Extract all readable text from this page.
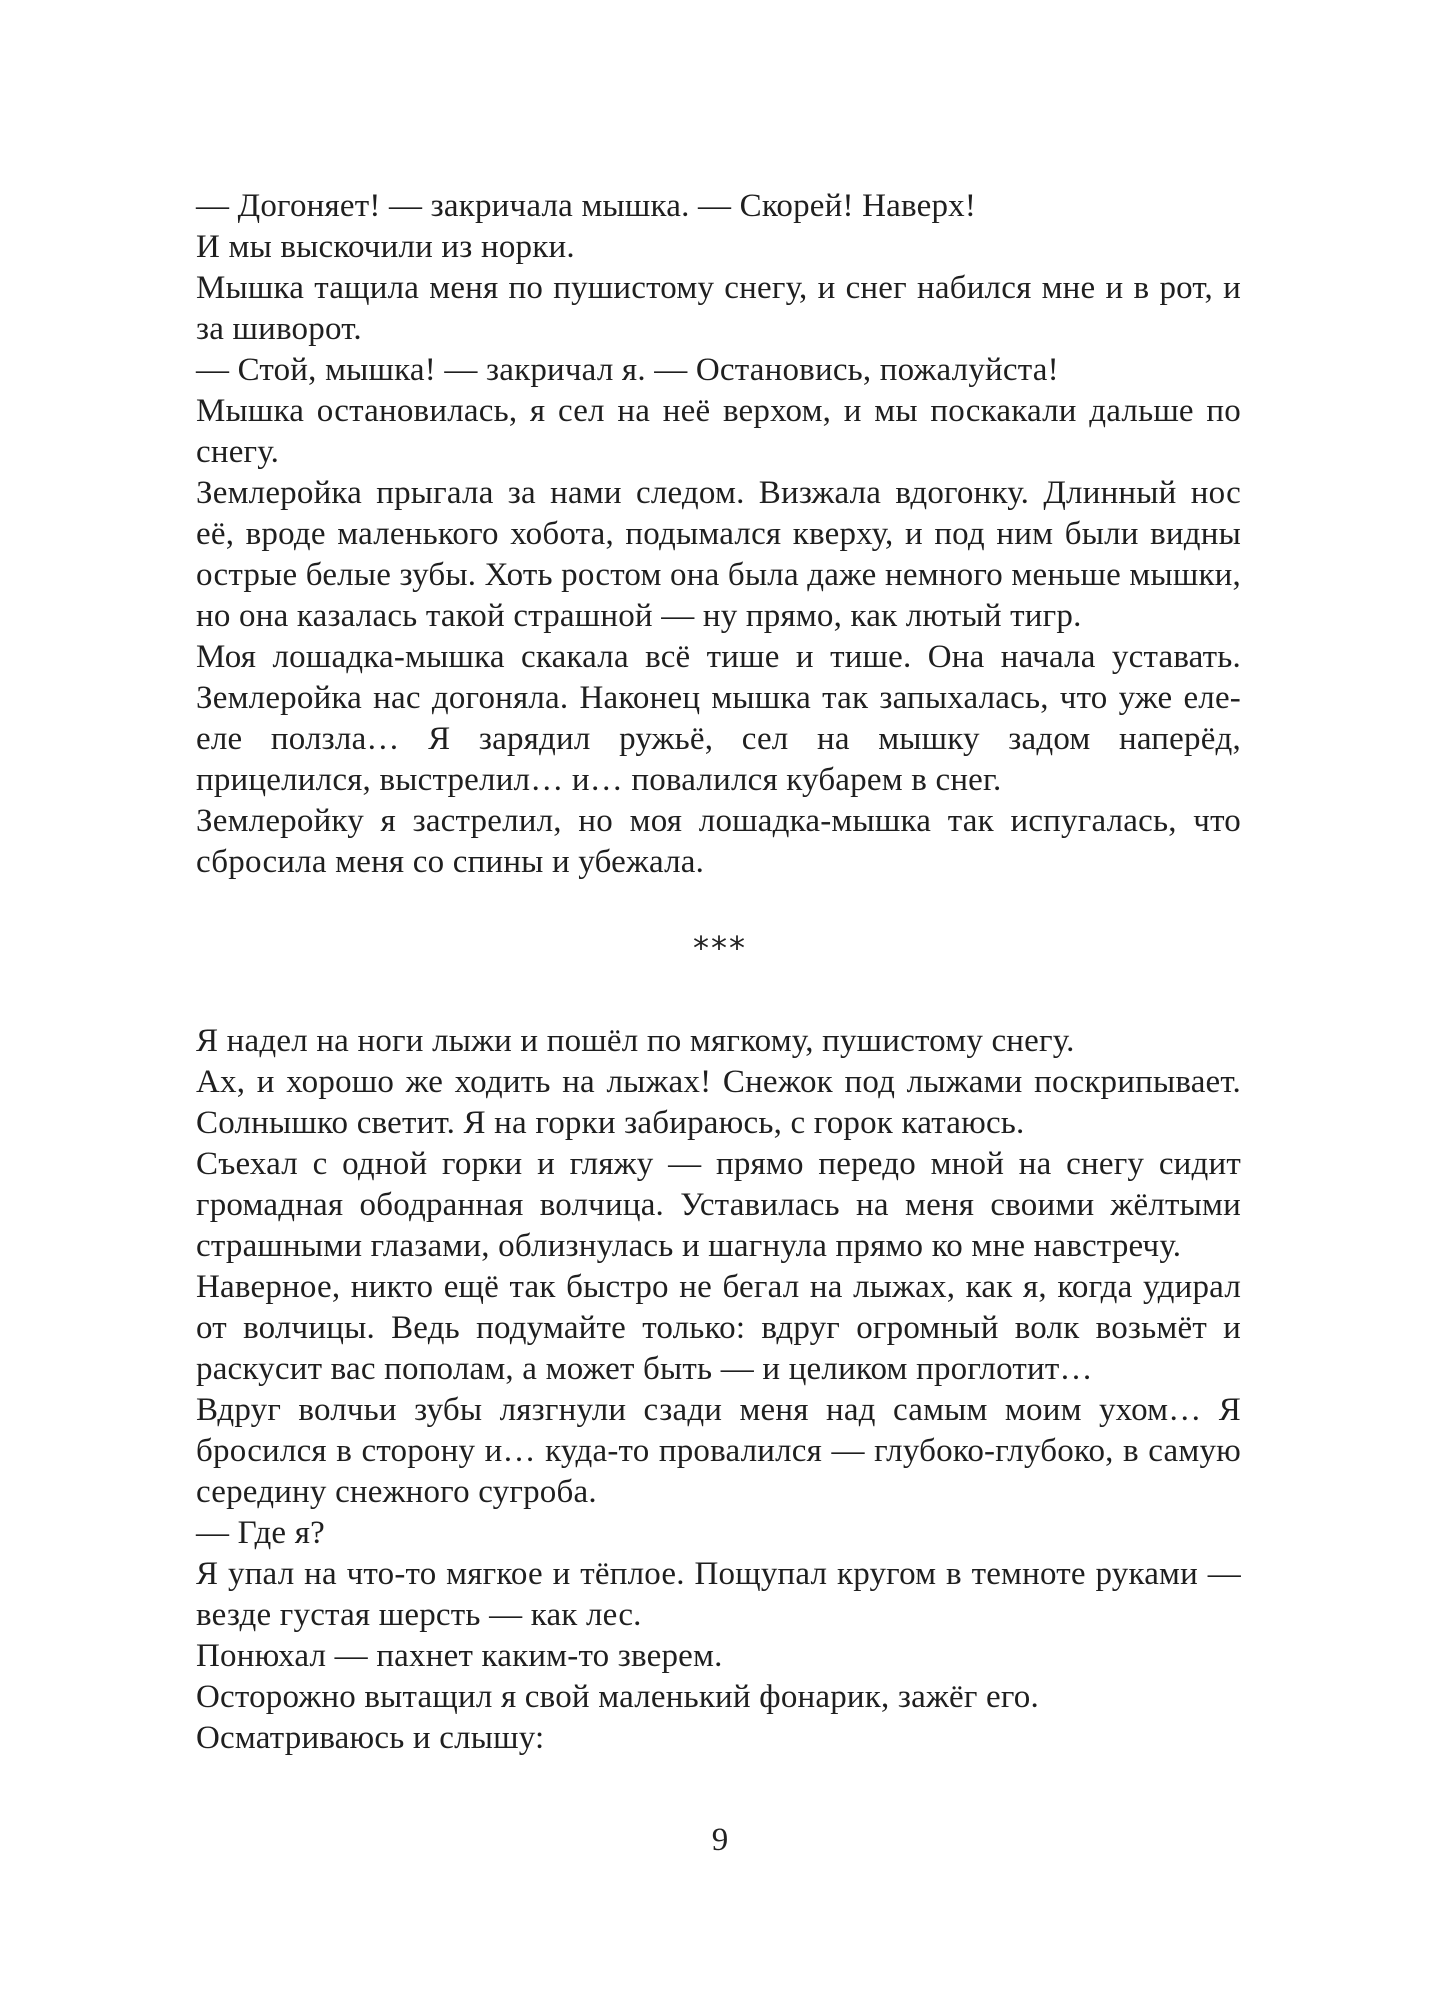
— Догоняет! — закричала мышка. — Скорей! Наверх!

И мы выскочили из норки.

Мышка тащила меня по пушистому снегу, и снег набился мне и в рот, и за шиворот.

— Стой, мышка! — закричал я. — Остановись, пожалуйста!

Мышка остановилась, я сел на неё верхом, и мы поскакали дальше по снегу.

Землеройка прыгала за нами следом. Визжала вдогонку. Длинный нос её, вроде маленького хобота, подымался кверху, и под ним были видны острые белые зубы. Хоть ростом она была даже немного меньше мышки, но она казалась такой страшной — ну прямо, как лютый тигр.

Моя лошадка-мышка скакала всё тише и тише. Она начала уставать. Землеройка нас догоняла. Наконец мышка так запыхалась, что уже еле-еле ползла… Я зарядил ружьё, сел на мышку задом наперёд, прицелился, выстрелил… и… повалился кубарем в снег.

Землеройку я застрелил, но моя лошадка-мышка так испугалась, что сбросила меня со спины и убежала.

***

Я надел на ноги лыжи и пошёл по мягкому, пушистому снегу.

Ах, и хорошо же ходить на лыжах! Снежок под лыжами поскрипывает. Солнышко светит. Я на горки забираюсь, с горок катаюсь.

Съехал с одной горки и гляжу — прямо передо мной на снегу сидит громадная ободранная волчица. Уставилась на меня своими жёлтыми страшными глазами, облизнулась и шагнула прямо ко мне навстречу.

Наверное, никто ещё так быстро не бегал на лыжах, как я, когда удирал от волчицы. Ведь подумайте только: вдруг огромный волк возьмёт и раскусит вас пополам, а может быть — и целиком проглотит…

Вдруг волчьи зубы лязгнули сзади меня над самым моим ухом… Я бросился в сторону и… куда-то провалился — глубоко-глубоко, в самую середину снежного сугроба.

— Где я?

Я упал на что-то мягкое и тёплое. Пощупал кругом в темноте руками — везде густая шерсть — как лес.

Понюхал — пахнет каким-то зверем.

Осторожно вытащил я свой маленький фонарик, зажёг его.

Осматриваюсь и слышу:

9
